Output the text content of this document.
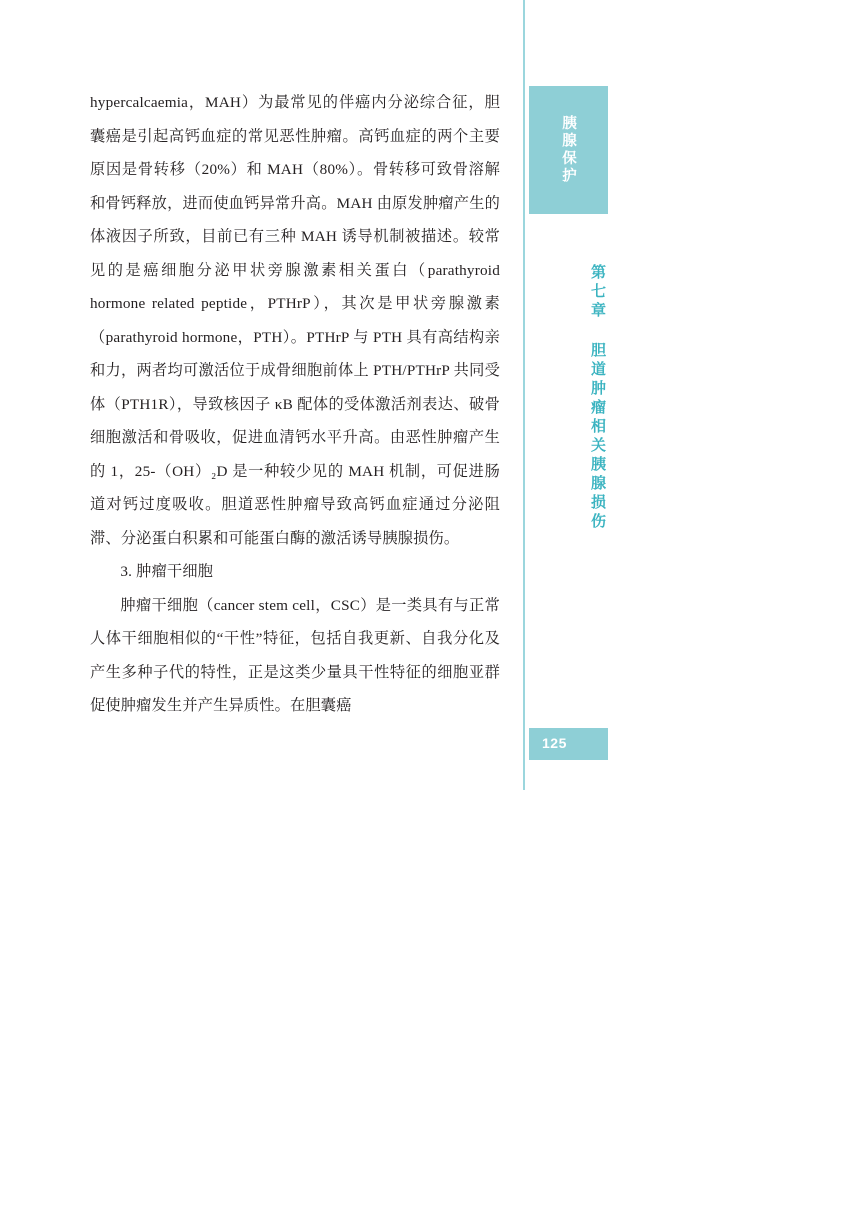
hypercalcaemia，MAH）为最常见的伴癌内分泌综合征，胆囊癌是引起高钙血症的常见恶性肿瘤。高钙血症的两个主要原因是骨转移（20%）和 MAH（80%）。骨转移可致骨溶解和骨钙释放，进而使血钙异常升高。MAH 由原发肿瘤产生的体液因子所致，目前已有三种 MAH 诱导机制被描述。较常见的是癌细胞分泌甲状旁腺激素相关蛋白（parathyroid hormone related peptide，PTHrP），其次是甲状旁腺激素（parathyroid hormone，PTH）。PTHrP 与 PTH 具有高结构亲和力，两者均可激活位于成骨细胞前体上 PTH/PTHrP 共同受体（PTH1R），导致核因子 κB 配体的受体激活剂表达、破骨细胞激活和骨吸收，促进血清钙水平升高。由恶性肿瘤产生的 1，25-（OH）₂D 是一种较少见的 MAH 机制，可促进肠道对钙过度吸收。胆道恶性肿瘤导致高钙血症通过分泌阻滞、分泌蛋白积累和可能蛋白酶的激活诱导胰腺损伤。

3. 肿瘤干细胞

肿瘤干细胞（cancer stem cell，CSC）是一类具有与正常人体干细胞相似的“干性”特征，包括自我更新、自我分化及产生多种子代的特性，正是这类少量具干性特征的细胞亚群促使肿瘤发生并产生异质性。在胆囊癌

胰腺保护
第七章 胆道肿瘤相关胰腺损伤
125
